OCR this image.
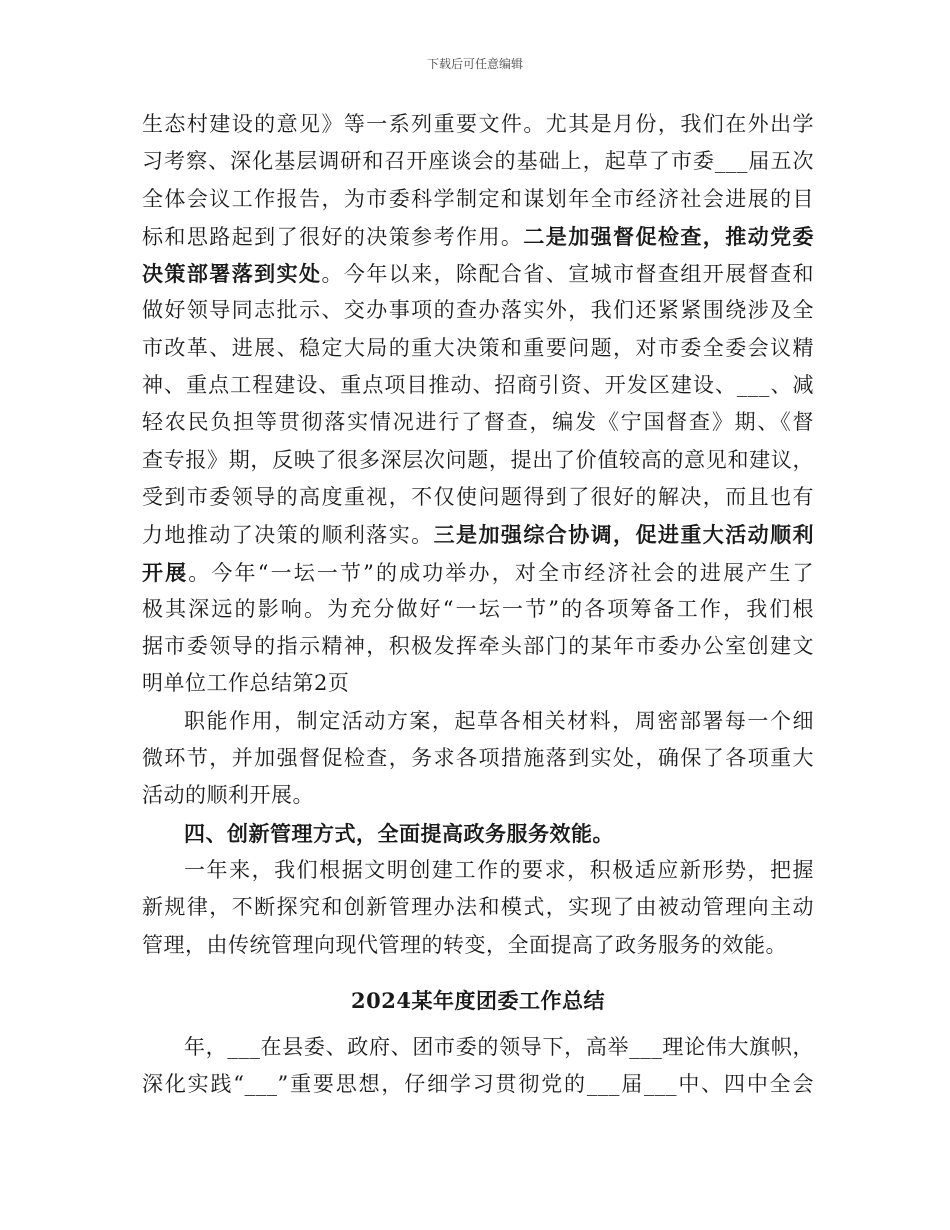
下载后可任意编辑
生态村建设的意见》等一系列重要文件。尤其是月份，我们在外出学
习考察、深化基层调研和召开座谈会的基础上，起草了市委___届五次
全体会议工作报告，为市委科学制定和谋划年全市经济社会进展的目
标和思路起到了很好的决策参考作用。二是加强督促检查，推动党委
决策部署落到实处。今年以来，除配合省、宣城市督查组开展督查和
做好领导同志批示、交办事项的查办落实外，我们还紧紧围绕涉及全
市改革、进展、稳定大局的重大决策和重要问题，对市委全委会议精
神、重点工程建设、重点项目推动、招商引资、开发区建设、___、减
轻农民负担等贯彻落实情况进行了督查，编发《宁国督查》期、《督
查专报》期，反映了很多深层次问题，提出了价值较高的意见和建议，
受到市委领导的高度重视，不仅使问题得到了很好的解决，而且也有
力地推动了决策的顺利落实。三是加强综合协调，促进重大活动顺利
开展。今年“一坛一节”的成功举办，对全市经济社会的进展产生了
极其深远的影响。为充分做好“一坛一节”的各项筹备工作，我们根
据市委领导的指示精神，积极发挥牵头部门的某年市委办公室创建文
明单位工作总结第2页
职能作用，制定活动方案，起草各相关材料，周密部署每一个细
微环节，并加强督促检查，务求各项措施落到实处，确保了各项重大
活动的顺利开展。
四、创新管理方式，全面提高政务服务效能。
一年来，我们根据文明创建工作的要求，积极适应新形势，把握
新规律，不断探究和创新管理办法和模式，实现了由被动管理向主动
管理，由传统管理向现代管理的转变，全面提高了政务服务的效能。
2024某年度团委工作总结
年，___在县委、政府、团市委的领导下，高举___理论伟大旗帜，
深化实践“___”重要思想，仔细学习贯彻党的___届___中、四中全会
